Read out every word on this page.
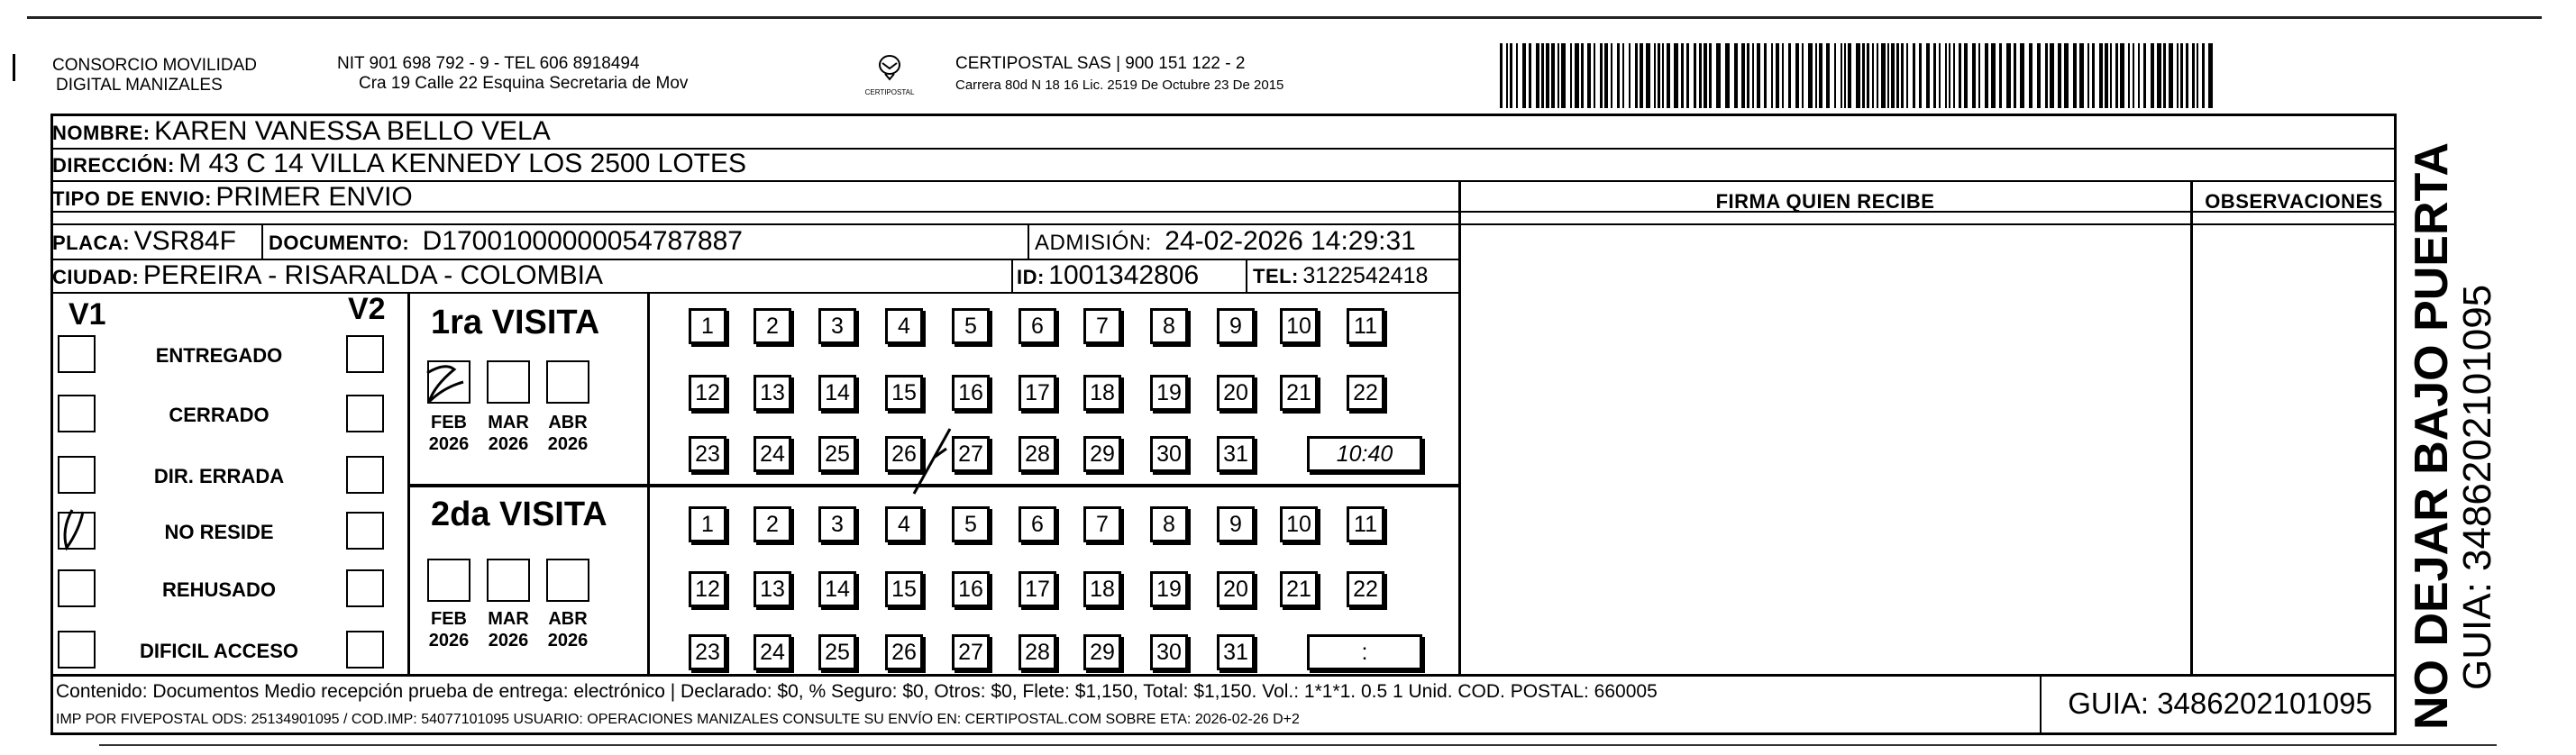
CONSORCIO MOVILIDAD
DIGITAL MANIZALES
NIT 901 698 792 - 9 - TEL 606 8918494
Cra 19 Calle 22 Esquina Secretaria de Mov	CERTIPOSTAL
CERTIPOSTAL SAS | 900 151 122 - 2
Carrera 80d N 18 16 Lic. 2519 De Octubre 23 De 2015
NOMBRE: KAREN VANESSA BELLO VELA
DIRECCIÓN: M 43 C 14 VILLA KENNEDY LOS 2500 LOTES
TIPO DE ENVIO: PRIMER ENVIO
PLACA: VSR84F DOCUMENTO: D17001000000054787887	ADMISIÓN: 24-02-2026 14:29:31
CIUDAD: PEREIRA - RISARALDA - COLOMBIA	ID: 1001342806	TEL: 3122542418
FIRMA QUIEN RECIBE	OBSERVACIONES NO DEJAR BAJO PUERTA
GUIA: 3486202101095
V1	V2
ENTREGADO
CERRADO
DIR. ERRADA
NO RESIDE
REHUSADO
DIFICIL ACCESO
1ra VISITA
2da VISITA
FEB
2026
MAR
2026
ABR
2026
FEB
2026
MAR
2026
ABR
2026
1	2	3	4	5	6	7	8	9	10	11
12 13 14 15 16 17 18 19 20 21 22
23 24 25 26 27 28 29 30 31	10:40
1	2	3	4	5	6	7	8	9	10	11
12 13 14 15 16 17 18 19 20 21 22
23 24 25 26 27 28 29 30 31	:
Contenido: Documentos Medio recepción prueba de entrega: electrónico | Declarado: $0, % Seguro: $0, Otros: $0, Flete: $1,150, Total: $1,150. Vol.: 1*1*1. 0.5 1 Unid. COD. POSTAL: 660005
IMP POR FIVEPOSTAL ODS: 25134901095 / COD.IMP: 54077101095 USUARIO: OPERACIONES MANIZALES CONSULTE SU ENVÍO EN: CERTIPOSTAL.COM SOBRE ETA: 2026-02-26 D+2	GUIA: 3486202101095
